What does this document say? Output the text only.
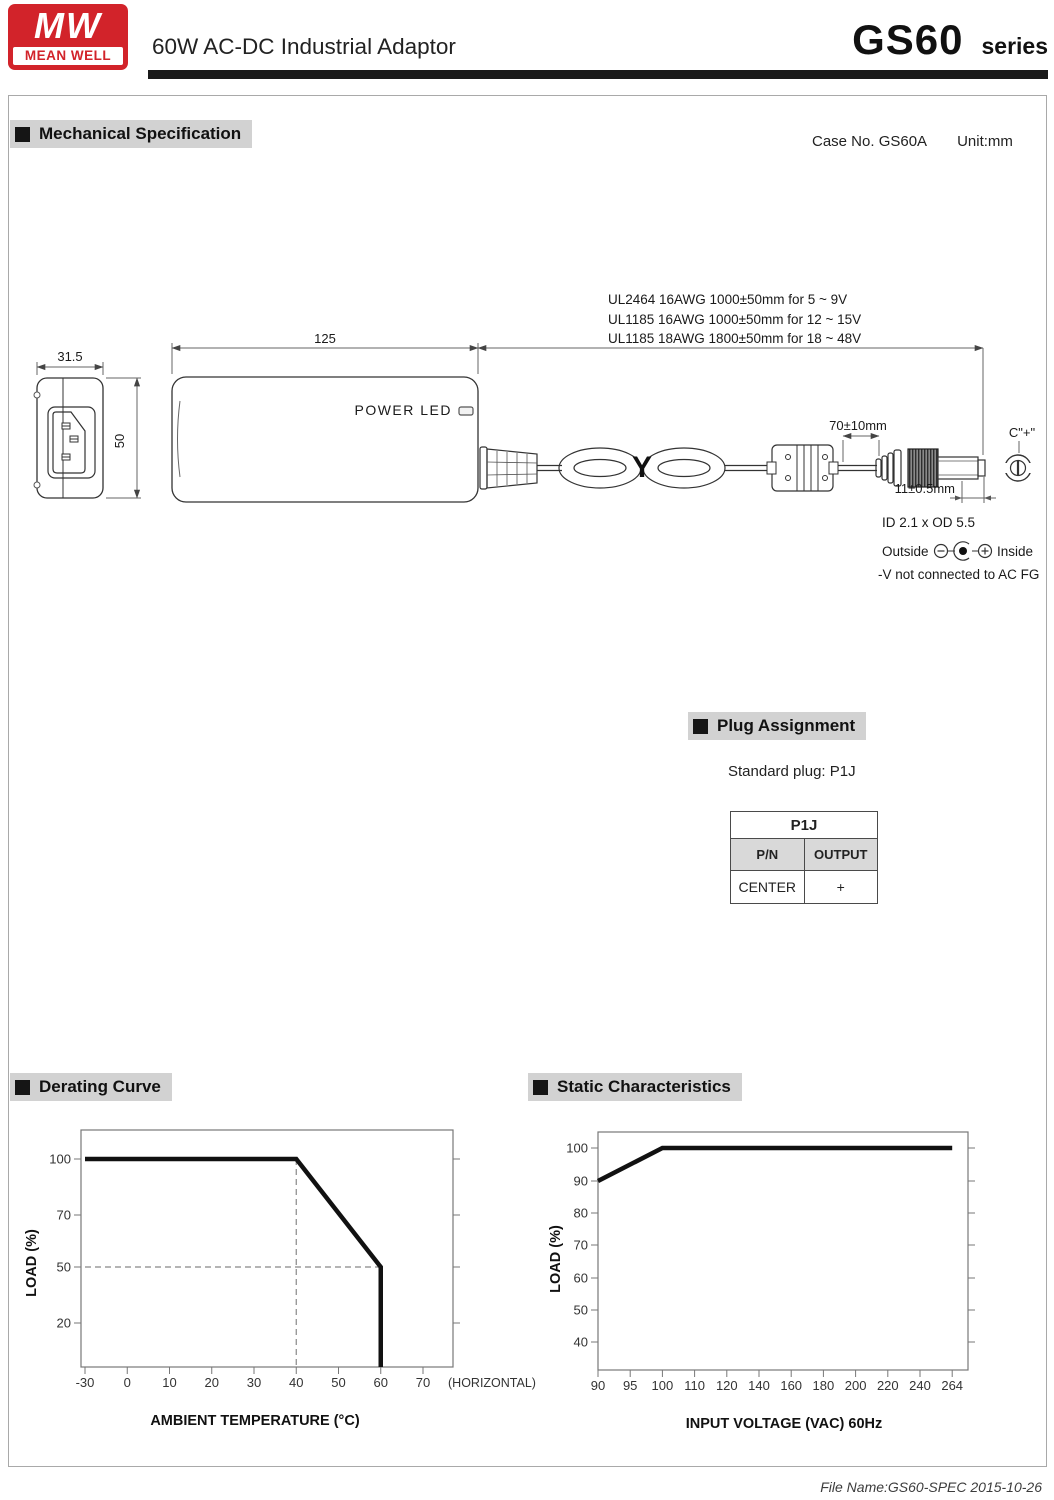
MW
MEAN WELL	60W AC-DC Industrial Adaptor	GS60 series
Mechanical Specification	Case No. GS60A Unit:mm
Y
UL2464 16AWG 1000±50mm for 5 ~ 9V
UL1185 16AWG 1000±50mm for 12 ~ 15V
UL1185 18AWG 1800±50mm for 18 ~ 48V
31.5
125
50
POWER LED
70±10mm
11±0.5mm
C"+"
ID 2.1 x OD 5.5
Outside	Inside
-V not connected to AC FG
Plug Assignment
Standard plug: P1J
P1J	
P/N	OUTPUT
CENTER	+
Derating Curve	Static Characteristics
-30 0 10 20 30 40 50 60 70 (HORIZONTAL)
100
70
50
20
AMBIENT TEMPERATURE (°C)
LOAD (%)
90 95 100 110 120 140 160 180 200 220 240 264
100
90
80
70
60
50
40
INPUT VOLTAGE (VAC) 60Hz
LOAD (%)
File Name:GS60-SPEC 2015-10-26
